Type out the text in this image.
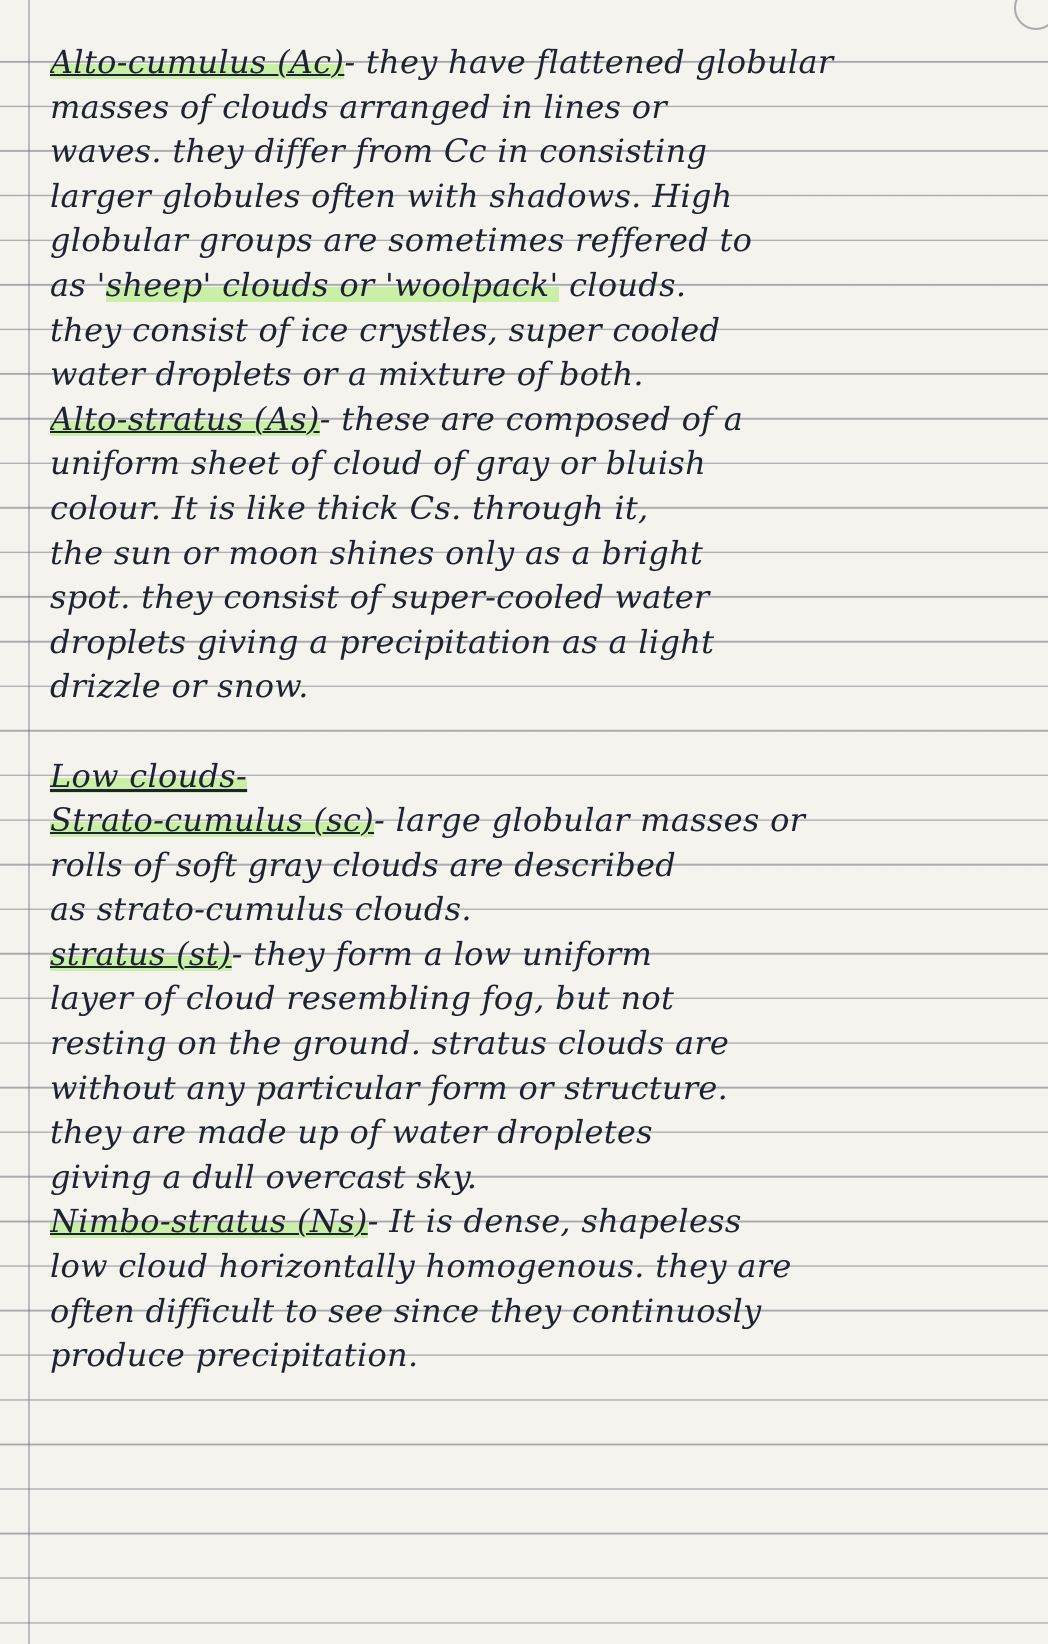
Alto-cumulus (Ac)- they have flattened globular
masses of clouds arranged in lines or
waves. they differ from Cc in consisting
larger globules often with shadows. High
globular groups are sometimes reffered to
as 'sheep' clouds or 'woolpack' clouds.
they consist of ice crystles, super cooled
water droplets or a mixture of both.
Alto-stratus (As)- these are composed of a
uniform sheet of cloud of gray or bluish
colour. It is like thick Cs. through it,
the sun or moon shines only as a bright
spot. they consist of super-cooled water
droplets giving a precipitation as a light
drizzle or snow.
Low clouds-
Strato-cumulus (sc)- large globular masses or
rolls of soft gray clouds are described
as strato-cumulus clouds.
stratus (st)- they form a low uniform
layer of cloud resembling fog, but not
resting on the ground. stratus clouds are
without any particular form or structure.
they are made up of water dropletes
giving a dull overcast sky.
Nimbo-stratus (Ns)- It is dense, shapeless
low cloud horizontally homogenous. they are
often difficult to see since they continuosly
produce precipitation.
